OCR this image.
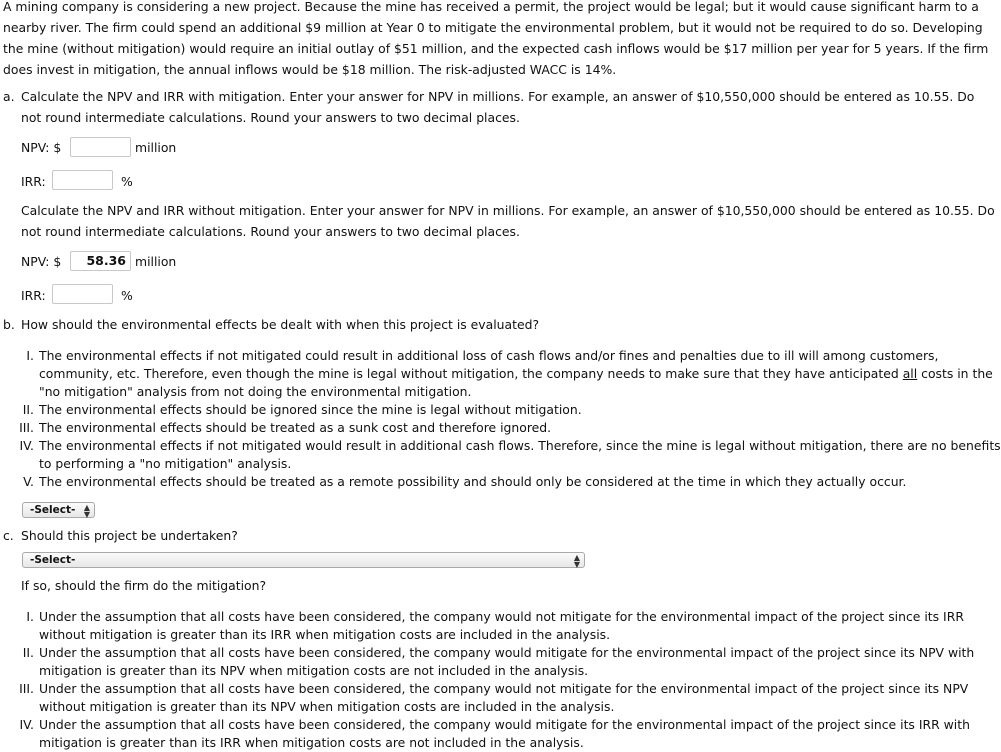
A mining company is considering a new project. Because the mine has received a permit, the project would be legal; but it would cause significant harm to a
nearby river. The firm could spend an additional $9 million at Year 0 to mitigate the environmental problem, but it would not be required to do so. Developing
the mine (without mitigation) would require an initial outlay of $51 million, and the expected cash inflows would be $17 million per year for 5 years. If the firm
does invest in mitigation, the annual inflows would be $18 million. The risk-adjusted WACC is 14%.
a. Calculate the NPV and IRR with mitigation. Enter your answer for NPV in millions. For example, an answer of $10,550,000 should be entered as 10.55. Do
not round intermediate calculations. Round your answers to two decimal places.
NPV: $	million
IRR:	%
Calculate the NPV and IRR without mitigation. Enter your answer for NPV in millions. For example, an answer of $10,550,000 should be entered as 10.55. Do
not round intermediate calculations. Round your answers to two decimal places.
NPV: $	58.36 million
IRR:	%
b. How should the environmental effects be dealt with when this project is evaluated?
I. The environmental effects if not mitigated could result in additional loss of cash flows and/or fines and penalties due to ill will among customers,
community, etc. Therefore, even though the mine is legal without mitigation, the company needs to make sure that they have anticipated all costs in the
"no mitigation" analysis from not doing the environmental mitigation.
II. The environmental effects should be ignored since the mine is legal without mitigation.
III. The environmental effects should be treated as a sunk cost and therefore ignored.
IV. The environmental effects if not mitigated would result in additional cash flows. Therefore, since the mine is legal without mitigation, there are no benefits
to performing a "no mitigation" analysis.
V. The environmental effects should be treated as a remote possibility and should only be considered at the time in which they actually occur.
-Select- ▲
▼
c. Should this project be undertaken?
-Select-	▲
▼
If so, should the firm do the mitigation?
I. Under the assumption that all costs have been considered, the company would not mitigate for the environmental impact of the project since its IRR
without mitigation is greater than its IRR when mitigation costs are included in the analysis.
II. Under the assumption that all costs have been considered, the company would mitigate for the environmental impact of the project since its NPV with
mitigation is greater than its NPV when mitigation costs are not included in the analysis.
III. Under the assumption that all costs have been considered, the company would not mitigate for the environmental impact of the project since its NPV
without mitigation is greater than its NPV when mitigation costs are included in the analysis.
IV. Under the assumption that all costs have been considered, the company would mitigate for the environmental impact of the project since its IRR with
mitigation is greater than its IRR when mitigation costs are not included in the analysis.
